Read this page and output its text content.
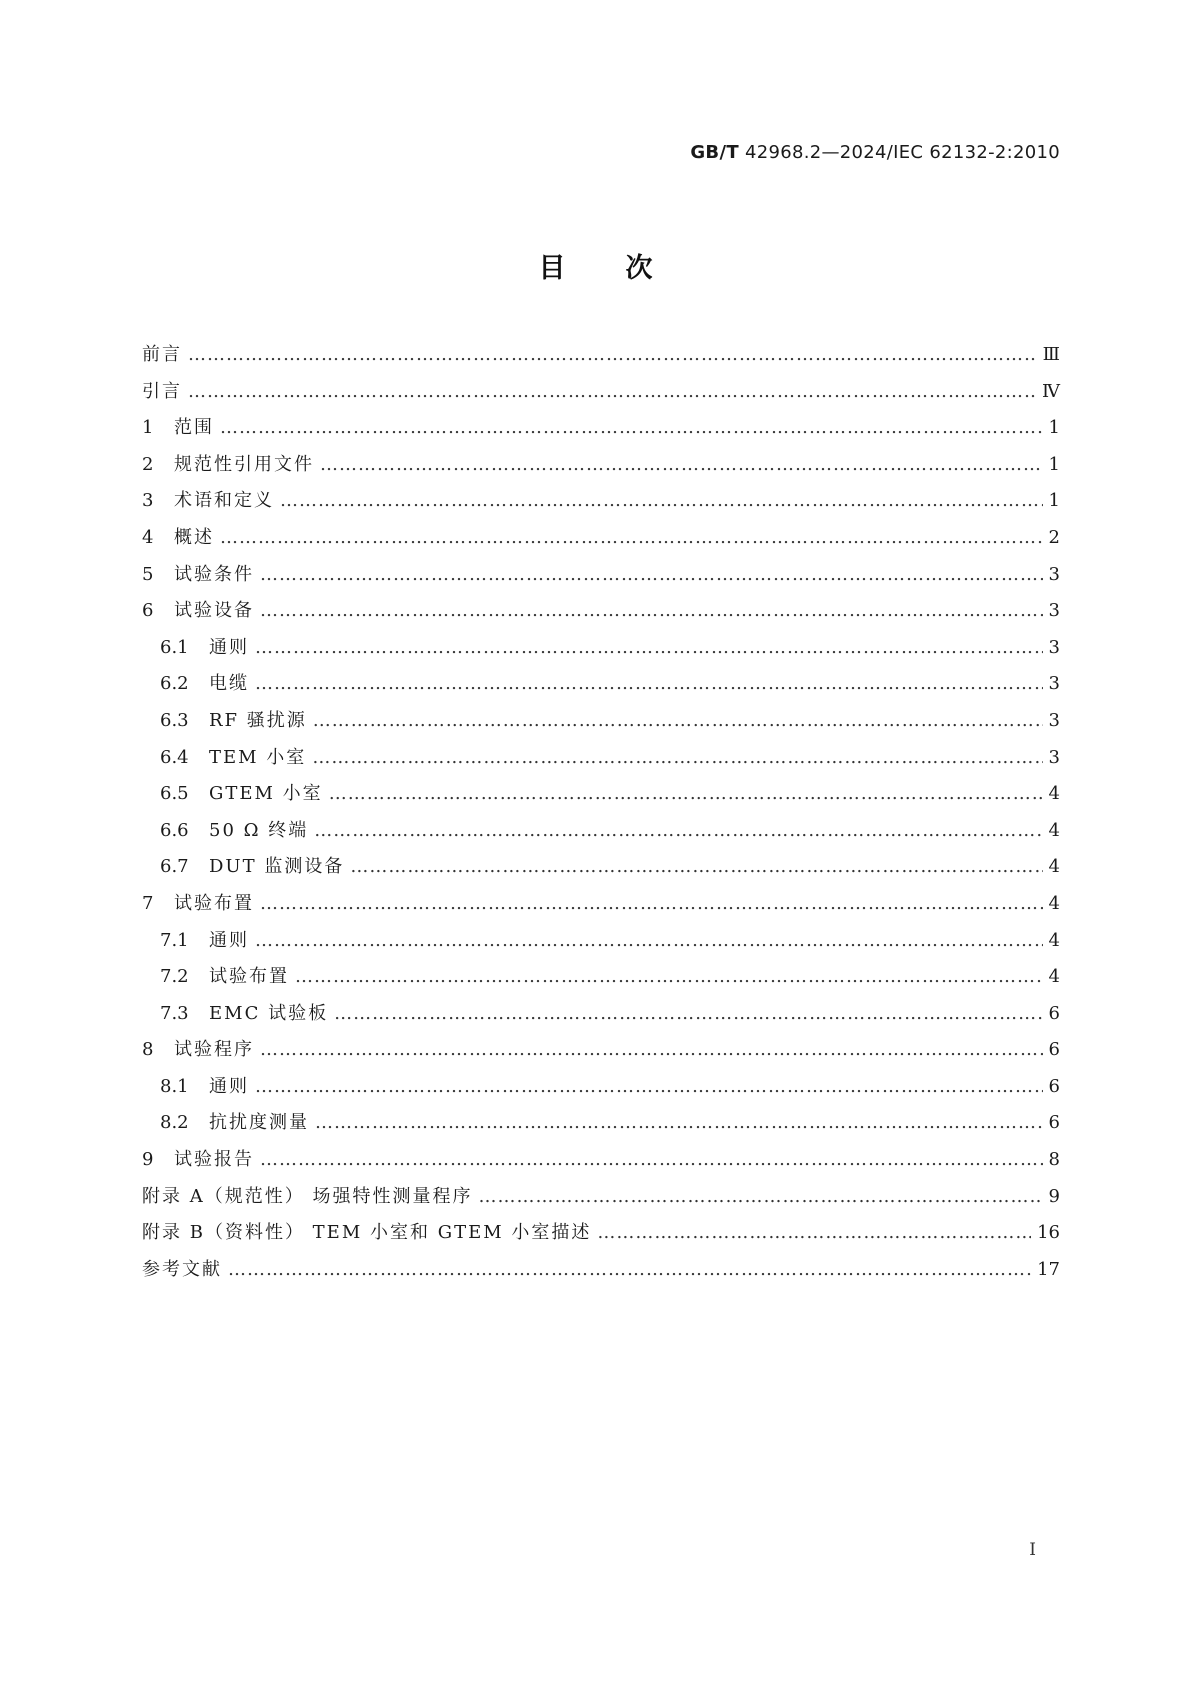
GB/T 42968.2—2024/IEC 62132-2:2010
目次
前言 …………………………………………………………………………………………………………………………………………………………………………………………………………………	Ⅲ
引言 …………………………………………………………………………………………………………………………………………………………………………………………………………………	Ⅳ
1	范围 …………………………………………………………………………………………………………………………………………………………………………………………………………………	1
2	规范性引用文件 …………………………………………………………………………………………………………………………………………………………………………………………………………………	1
3	术语和定义 …………………………………………………………………………………………………………………………………………………………………………………………………………………	1
4	概述 …………………………………………………………………………………………………………………………………………………………………………………………………………………	2
5	试验条件 …………………………………………………………………………………………………………………………………………………………………………………………………………………	3
6	试验设备 …………………………………………………………………………………………………………………………………………………………………………………………………………………	3
6.1	通则 …………………………………………………………………………………………………………………………………………………………………………………………………………………	3
6.2	电缆 …………………………………………………………………………………………………………………………………………………………………………………………………………………	3
6.3	RF 骚扰源 …………………………………………………………………………………………………………………………………………………………………………………………………………………	3
6.4	TEM 小室 …………………………………………………………………………………………………………………………………………………………………………………………………………………	3
6.5	GTEM 小室 …………………………………………………………………………………………………………………………………………………………………………………………………………………	4
6.6	50 Ω 终端 …………………………………………………………………………………………………………………………………………………………………………………………………………………	4
6.7	DUT 监测设备 …………………………………………………………………………………………………………………………………………………………………………………………………………………	4
7	试验布置 …………………………………………………………………………………………………………………………………………………………………………………………………………………	4
7.1	通则 …………………………………………………………………………………………………………………………………………………………………………………………………………………	4
7.2	试验布置 …………………………………………………………………………………………………………………………………………………………………………………………………………………	4
7.3	EMC 试验板 …………………………………………………………………………………………………………………………………………………………………………………………………………………	6
8	试验程序 …………………………………………………………………………………………………………………………………………………………………………………………………………………	6
8.1	通则 …………………………………………………………………………………………………………………………………………………………………………………………………………………	6
8.2	抗扰度测量 …………………………………………………………………………………………………………………………………………………………………………………………………………………	6
9	试验报告 …………………………………………………………………………………………………………………………………………………………………………………………………………………	8
附录 A（规范性） 场强特性测量程序 …………………………………………………………………………………………………………………………………………………………………………………………………………………	9
附录 B（资料性） TEM 小室和 GTEM 小室描述 …………………………………………………………………………………………………………………………………………………………………………………………………………………	16
参考文献 …………………………………………………………………………………………………………………………………………………………………………………………………………………	17
I
